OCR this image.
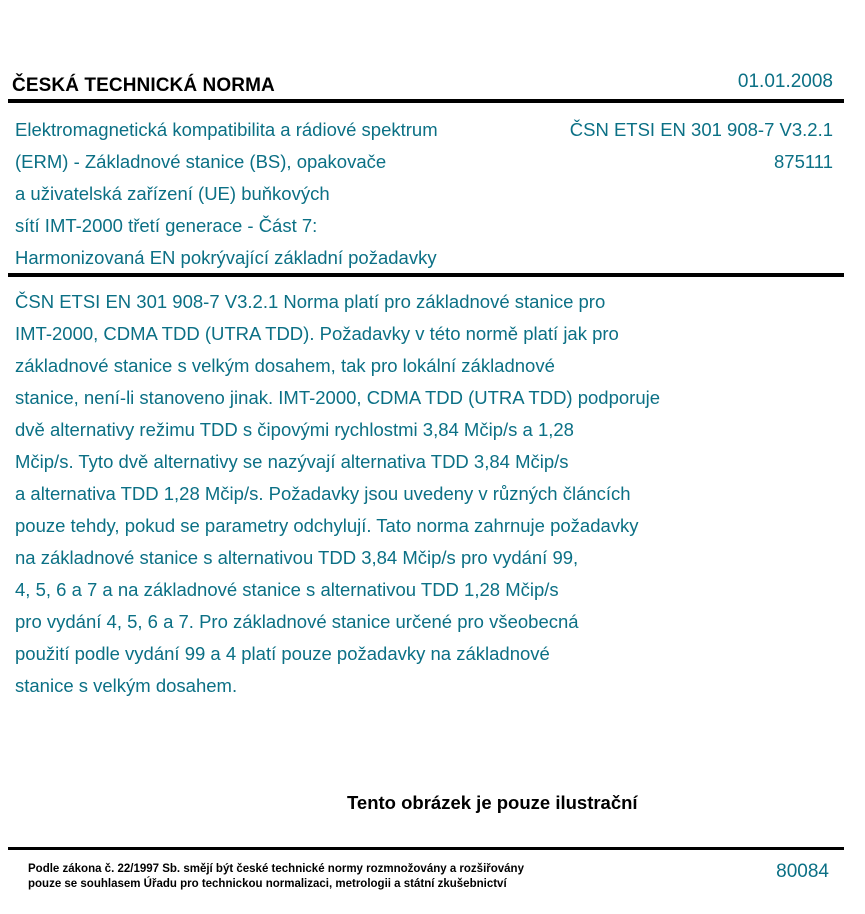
ČESKÁ TECHNICKÁ NORMA	01.01.2008
Elektromagnetická kompatibilita a rádiové spektrum
(ERM) - Základnové stanice (BS), opakovače
a uživatelská zařízení (UE) buňkových
sítí IMT-2000 třetí generace - Část 7:
Harmonizovaná EN pokrývající základní požadavky
ČSN ETSI EN 301 908-7 V3.2.1
875111
ČSN ETSI EN 301 908-7 V3.2.1 Norma platí pro základnové stanice pro
IMT-2000, CDMA TDD (UTRA TDD). Požadavky v této normě platí jak pro
základnové stanice s velkým dosahem, tak pro lokální základnové
stanice, není-li stanoveno jinak. IMT-2000, CDMA TDD (UTRA TDD) podporuje
dvě alternativy režimu TDD s čipovými rychlostmi 3,84 Mčip/s a 1,28
Mčip/s. Tyto dvě alternativy se nazývají alternativa TDD 3,84 Mčip/s
a alternativa TDD 1,28 Mčip/s. Požadavky jsou uvedeny v různých článcích
pouze tehdy, pokud se parametry odchylují. Tato norma zahrnuje požadavky
na základnové stanice s alternativou TDD 3,84 Mčip/s pro vydání 99,
4, 5, 6 a 7 a na základnové stanice s alternativou TDD 1,28 Mčip/s
pro vydání 4, 5, 6 a 7. Pro základnové stanice určené pro všeobecná
použití podle vydání 99 a 4 platí pouze požadavky na základnové
stanice s velkým dosahem.
Tento obrázek je pouze ilustrační
Podle zákona č. 22/1997 Sb. smějí být české technické normy rozmnožovány a rozšiřovány
pouze se souhlasem Úřadu pro technickou normalizaci, metrologii a státní zkušebnictví
80084
